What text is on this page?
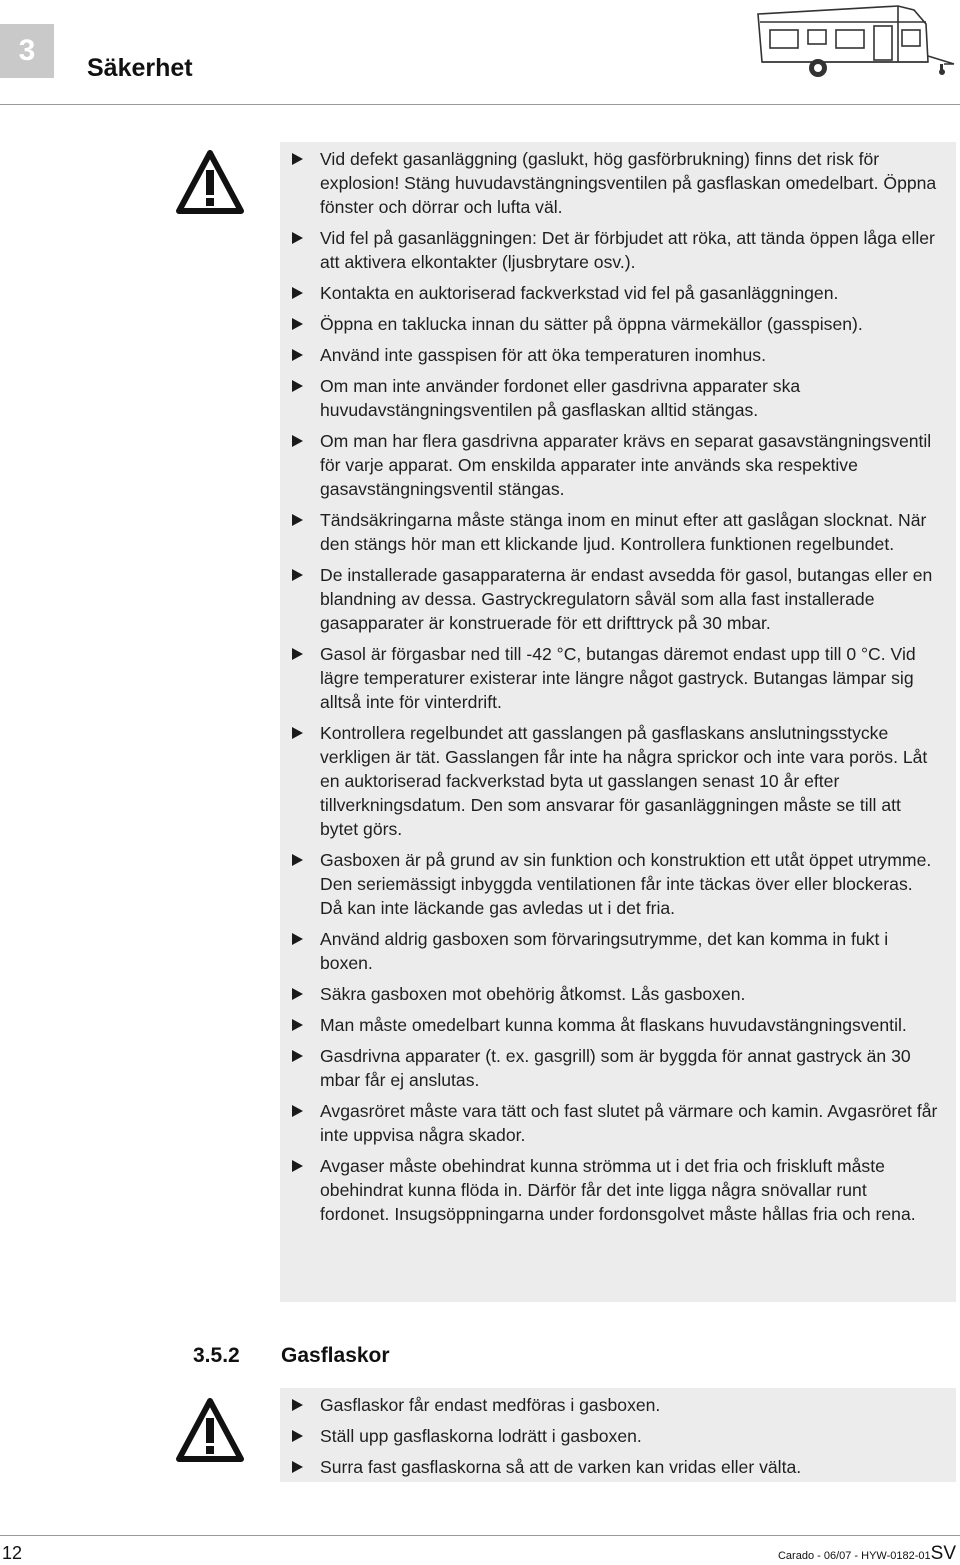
3
Säkerhet
Vid defekt gasanläggning (gaslukt, hög gasförbrukning) finns det risk för explosion! Stäng huvudavstängningsventilen på gasflaskan omedelbart. Öppna fönster och dörrar och lufta väl.
Vid fel på gasanläggningen: Det är förbjudet att röka, att tända öppen låga eller att aktivera elkontakter (ljusbrytare osv.).
Kontakta en auktoriserad fackverkstad vid fel på gasanläggningen.
Öppna en taklucka innan du sätter på öppna värmekällor (gasspisen).
Använd inte gasspisen för att öka temperaturen inomhus.
Om man inte använder fordonet eller gasdrivna apparater ska huvudavstängningsventilen på gasflaskan alltid stängas.
Om man har flera gasdrivna apparater krävs en separat gasavstängningsventil för varje apparat. Om enskilda apparater inte används ska respektive gasavstängningsventil stängas.
Tändsäkringarna måste stänga inom en minut efter att gaslågan slocknat. När den stängs hör man ett klickande ljud. Kontrollera funktionen regelbundet.
De installerade gasapparaterna är endast avsedda för gasol, butangas eller en blandning av dessa. Gastryckregulatorn såväl som alla fast installerade gasapparater är konstruerade för ett drifttryck på 30 mbar.
Gasol är förgasbar ned till -42 °C, butangas däremot endast upp till 0 °C. Vid lägre temperaturer existerar inte längre något gastryck. Butangas lämpar sig alltså inte för vinterdrift.
Kontrollera regelbundet att gasslangen på gasflaskans anslutningsstycke verkligen är tät. Gasslangen får inte ha några sprickor och inte vara porös. Låt en auktoriserad fackverkstad byta ut gasslangen senast 10 år efter tillverkningsdatum. Den som ansvarar för gasanläggningen måste se till att bytet görs.
Gasboxen är på grund av sin funktion och konstruktion ett utåt öppet utrymme. Den seriemässigt inbyggda ventilationen får inte täckas över eller blockeras. Då kan inte läckande gas avledas ut i det fria.
Använd aldrig gasboxen som förvaringsutrymme, det kan komma in fukt i boxen.
Säkra gasboxen mot obehörig åtkomst. Lås gasboxen.
Man måste omedelbart kunna komma åt flaskans huvudavstängningsventil.
Gasdrivna apparater (t. ex. gasgrill) som är byggda för annat gastryck än 30 mbar får ej anslutas.
Avgasröret måste vara tätt och fast slutet på värmare och kamin. Avgasröret får inte uppvisa några skador.
Avgaser måste obehindrat kunna strömma ut i det fria och friskluft måste obehindrat kunna flöda in. Därför får det inte ligga några snövallar runt fordonet. Insugsöppningarna under fordonsgolvet måste hållas fria och rena.
3.5.2 Gasflaskor
Gasflaskor får endast medföras i gasboxen.
Ställ upp gasflaskorna lodrätt i gasboxen.
Surra fast gasflaskorna så att de varken kan vridas eller välta.
12	Carado - 06/07 - HYW-0182-01SV
